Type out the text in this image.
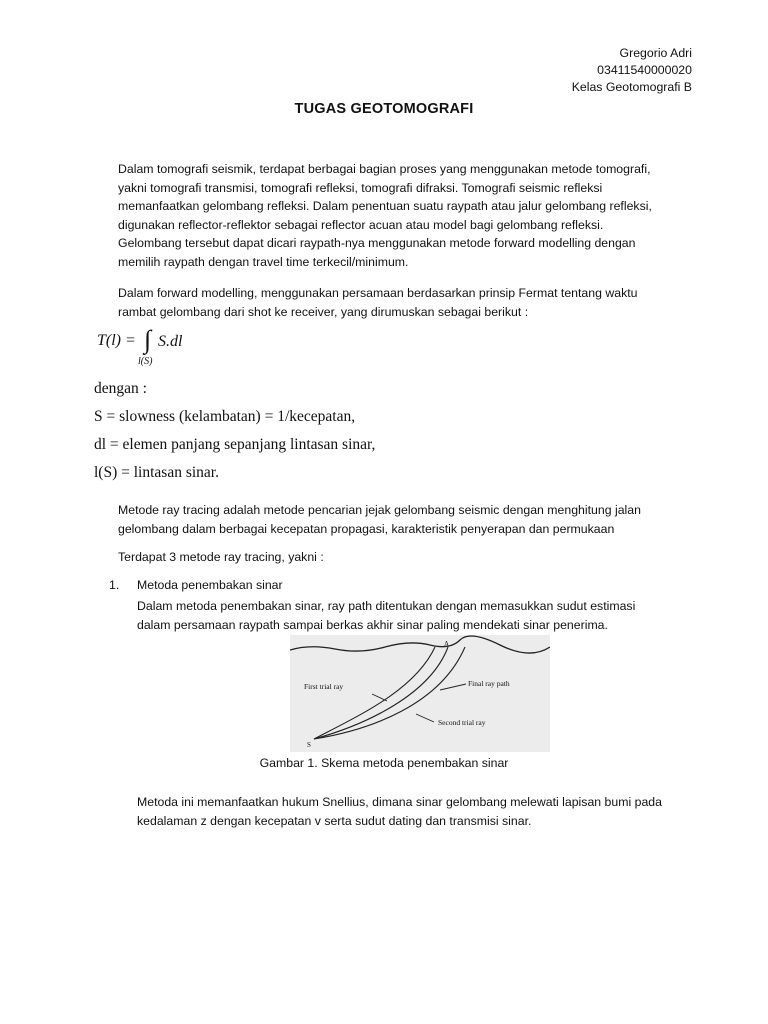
Gregorio Adri
03411540000020
Kelas Geotomografi B
TUGAS GEOTOMOGRAFI
Dalam tomografi seismik, terdapat berbagai bagian proses yang menggunakan metode tomografi, yakni tomografi transmisi, tomografi refleksi, tomografi difraksi. Tomografi seismic refleksi memanfaatkan gelombang refleksi. Dalam penentuan suatu raypath atau jalur gelombang refleksi, digunakan reflector-reflektor sebagai reflector acuan atau model bagi gelombang refleksi. Gelombang tersebut dapat dicari raypath-nya menggunakan metode forward modelling dengan memilih raypath dengan travel time terkecil/minimum.
Dalam forward modelling, menggunakan persamaan berdasarkan prinsip Fermat tentang waktu rambat gelombang dari shot ke receiver, yang dirumuskan sebagai berikut :
T(l) = ∫ S.dl
l(S)
dengan :
S = slowness (kelambatan) = 1/kecepatan,
dl = elemen panjang sepanjang lintasan sinar,
l(S) = lintasan sinar.
Metode ray tracing adalah metode pencarian jejak gelombang seismic dengan menghitung jalan gelombang dalam berbagai kecepatan propagasi, karakteristik penyerapan dan permukaan
Terdapat 3 metode ray tracing, yakni :
1. Metoda penembakan sinar
Dalam metoda penembakan sinar, ray path ditentukan dengan memasukkan sudut estimasi dalam persamaan raypath sampai berkas akhir sinar paling mendekati sinar penerima.
First trial ray	Final ray path
Second trial ray
A
S
Gambar 1. Skema metoda penembakan sinar
Metoda ini memanfaatkan hukum Snellius, dimana sinar gelombang melewati lapisan bumi pada kedalaman z dengan kecepatan v serta sudut dating dan transmisi sinar.
